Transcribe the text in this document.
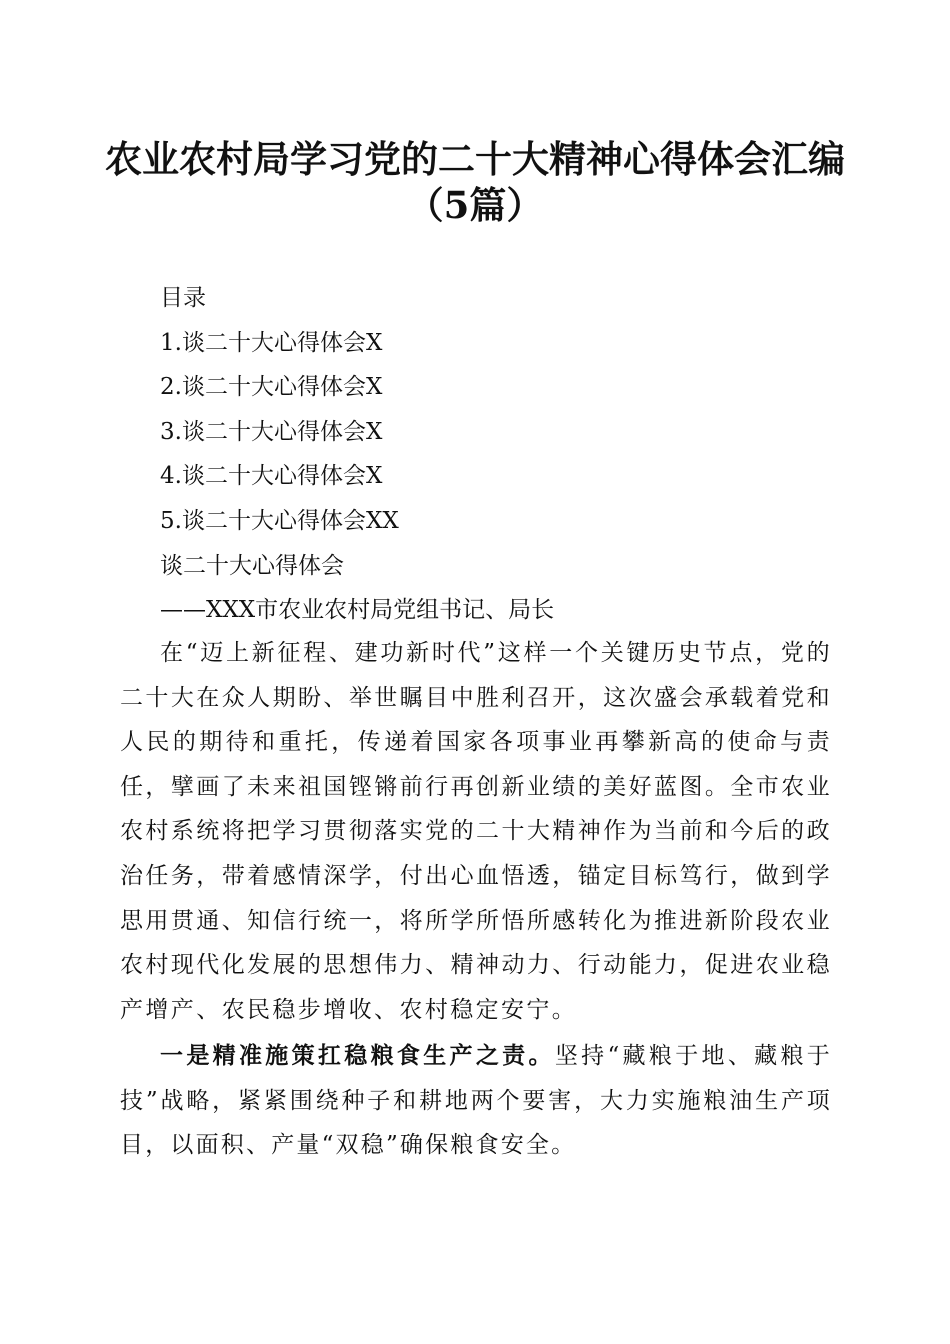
农业农村局学习党的二十大精神心得体会汇编
（5篇）
目录
1.谈二十大心得体会X
2.谈二十大心得体会X
3.谈二十大心得体会X
4.谈二十大心得体会X
5.谈二十大心得体会XX
谈二十大心得体会
——XXX市农业农村局党组书记、局长
在“迈上新征程、建功新时代”这样一个关键历史节点，党的二十大在众人期盼、举世瞩目中胜利召开，这次盛会承载着党和人民的期待和重托，传递着国家各项事业再攀新高的使命与责任，擘画了未来祖国铿锵前行再创新业绩的美好蓝图。全市农业农村系统将把学习贯彻落实党的二十大精神作为当前和今后的政治任务，带着感情深学，付出心血悟透，锚定目标笃行，做到学思用贯通、知信行统一，将所学所悟所感转化为推进新阶段农业农村现代化发展的思想伟力、精神动力、行动能力，促进农业稳产增产、农民稳步增收、农村稳定安宁。
一是精准施策扛稳粮食生产之责。坚持“藏粮于地、藏粮于技”战略，紧紧围绕种子和耕地两个要害，大力实施粮油生产项目，以面积、产量“双稳”确保粮食安全。
